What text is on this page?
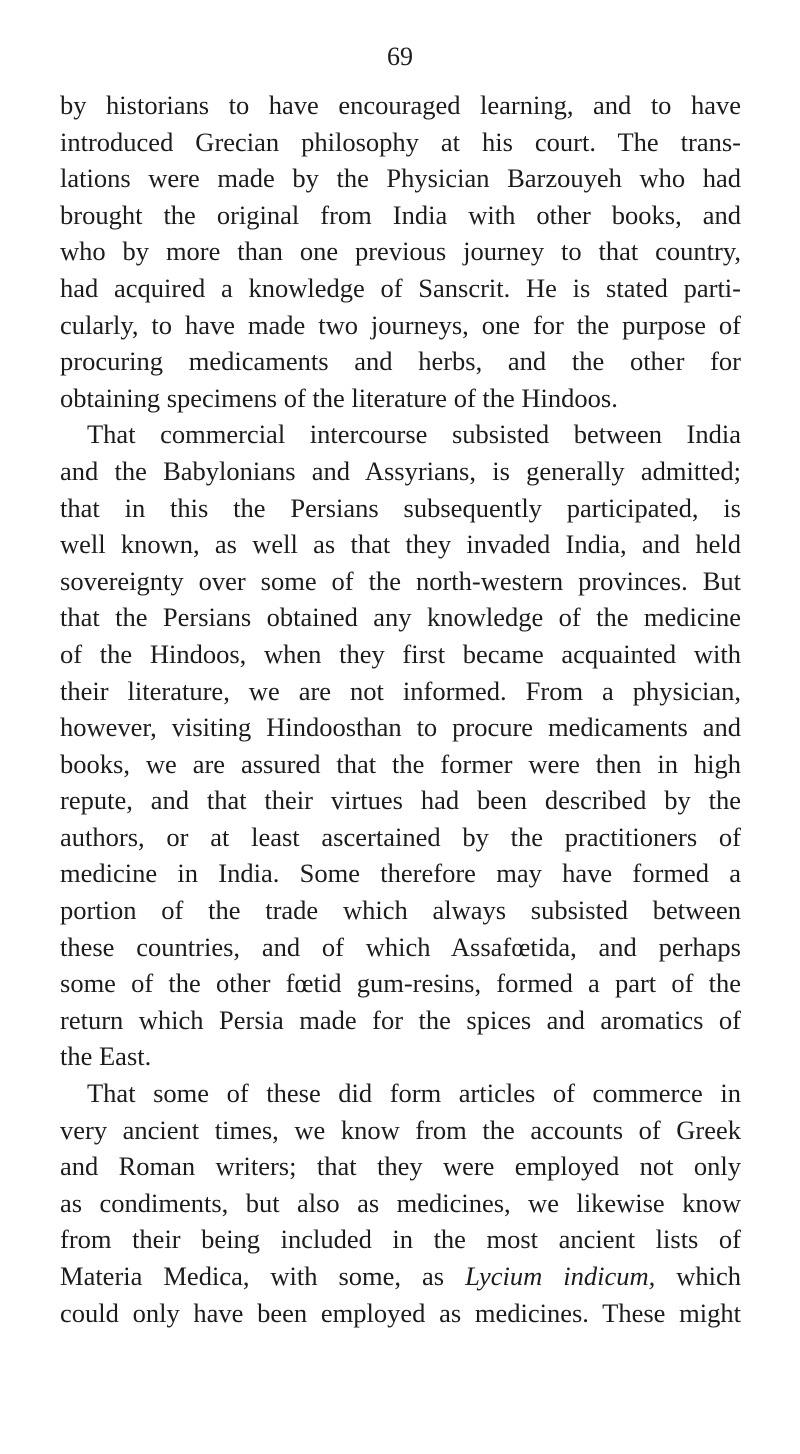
69
by historians to have encouraged learning, and to have
introduced Grecian philosophy at his court. The trans-
lations were made by the Physician Barzouyeh who had
brought the original from India with other books, and
who by more than one previous journey to that country,
had acquired a knowledge of Sanscrit. He is stated parti-
cularly, to have made two journeys, one for the purpose of
procuring medicaments and herbs, and the other for
obtaining specimens of the literature of the Hindoos.
That commercial intercourse subsisted between India
and the Babylonians and Assyrians, is generally admitted;
that in this the Persians subsequently participated, is
well known, as well as that they invaded India, and held
sovereignty over some of the north-western provinces. But
that the Persians obtained any knowledge of the medicine
of the Hindoos, when they first became acquainted with
their literature, we are not informed. From a physician,
however, visiting Hindoosthan to procure medicaments and
books, we are assured that the former were then in high
repute, and that their virtues had been described by the
authors, or at least ascertained by the practitioners of
medicine in India. Some therefore may have formed a
portion of the trade which always subsisted between
these countries, and of which Assafœtida, and perhaps
some of the other fœtid gum-resins, formed a part of the
return which Persia made for the spices and aromatics of
the East.
That some of these did form articles of commerce in
very ancient times, we know from the accounts of Greek
and Roman writers; that they were employed not only
as condiments, but also as medicines, we likewise know
from their being included in the most ancient lists of
Materia Medica, with some, as Lycium indicum, which
could only have been employed as medicines. These might
